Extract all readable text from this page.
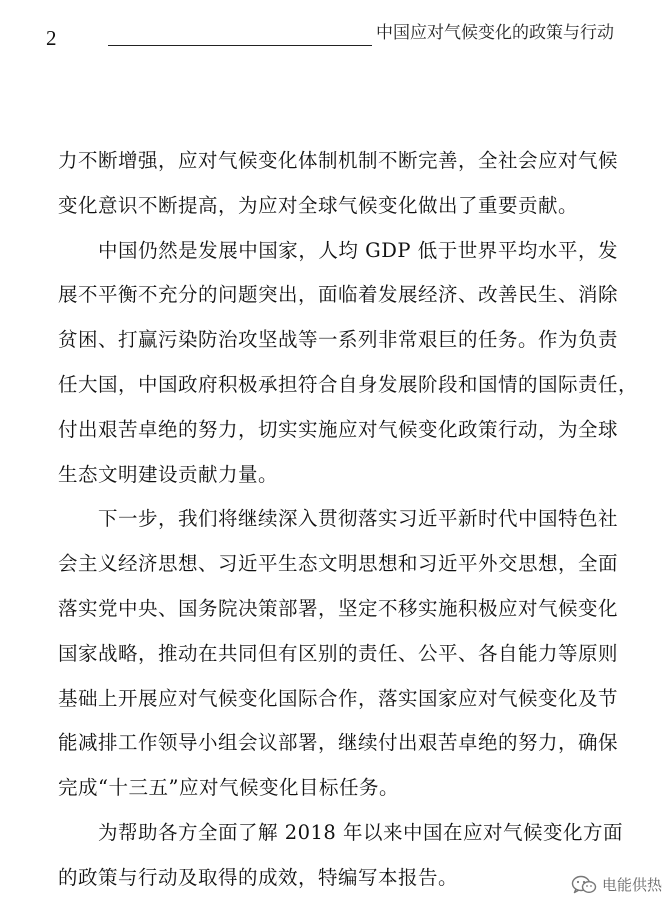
2	中国应对气候变化的政策与行动

力不断增强，应对气候变化体制机制不断完善，全社会应对气候
变化意识不断提高，为应对全球气候变化做出了重要贡献。

中国仍然是发展中国家，人均 GDP 低于世界平均水平，发
展不平衡不充分的问题突出，面临着发展经济、改善民生、消除
贫困、打赢污染防治攻坚战等一系列非常艰巨的任务。作为负责
任大国，中国政府积极承担符合自身发展阶段和国情的国际责任，
付出艰苦卓绝的努力，切实实施应对气候变化政策行动，为全球
生态文明建设贡献力量。

下一步，我们将继续深入贯彻落实习近平新时代中国特色社
会主义经济思想、习近平生态文明思想和习近平外交思想，全面
落实党中央、国务院决策部署，坚定不移实施积极应对气候变化
国家战略，推动在共同但有区别的责任、公平、各自能力等原则
基础上开展应对气候变化国际合作，落实国家应对气候变化及节
能减排工作领导小组会议部署，继续付出艰苦卓绝的努力，确保
完成“十三五”应对气候变化目标任务。

为帮助各方全面了解 2018 年以来中国在应对气候变化方面
的政策与行动及取得的成效，特编写本报告。	电能供热
